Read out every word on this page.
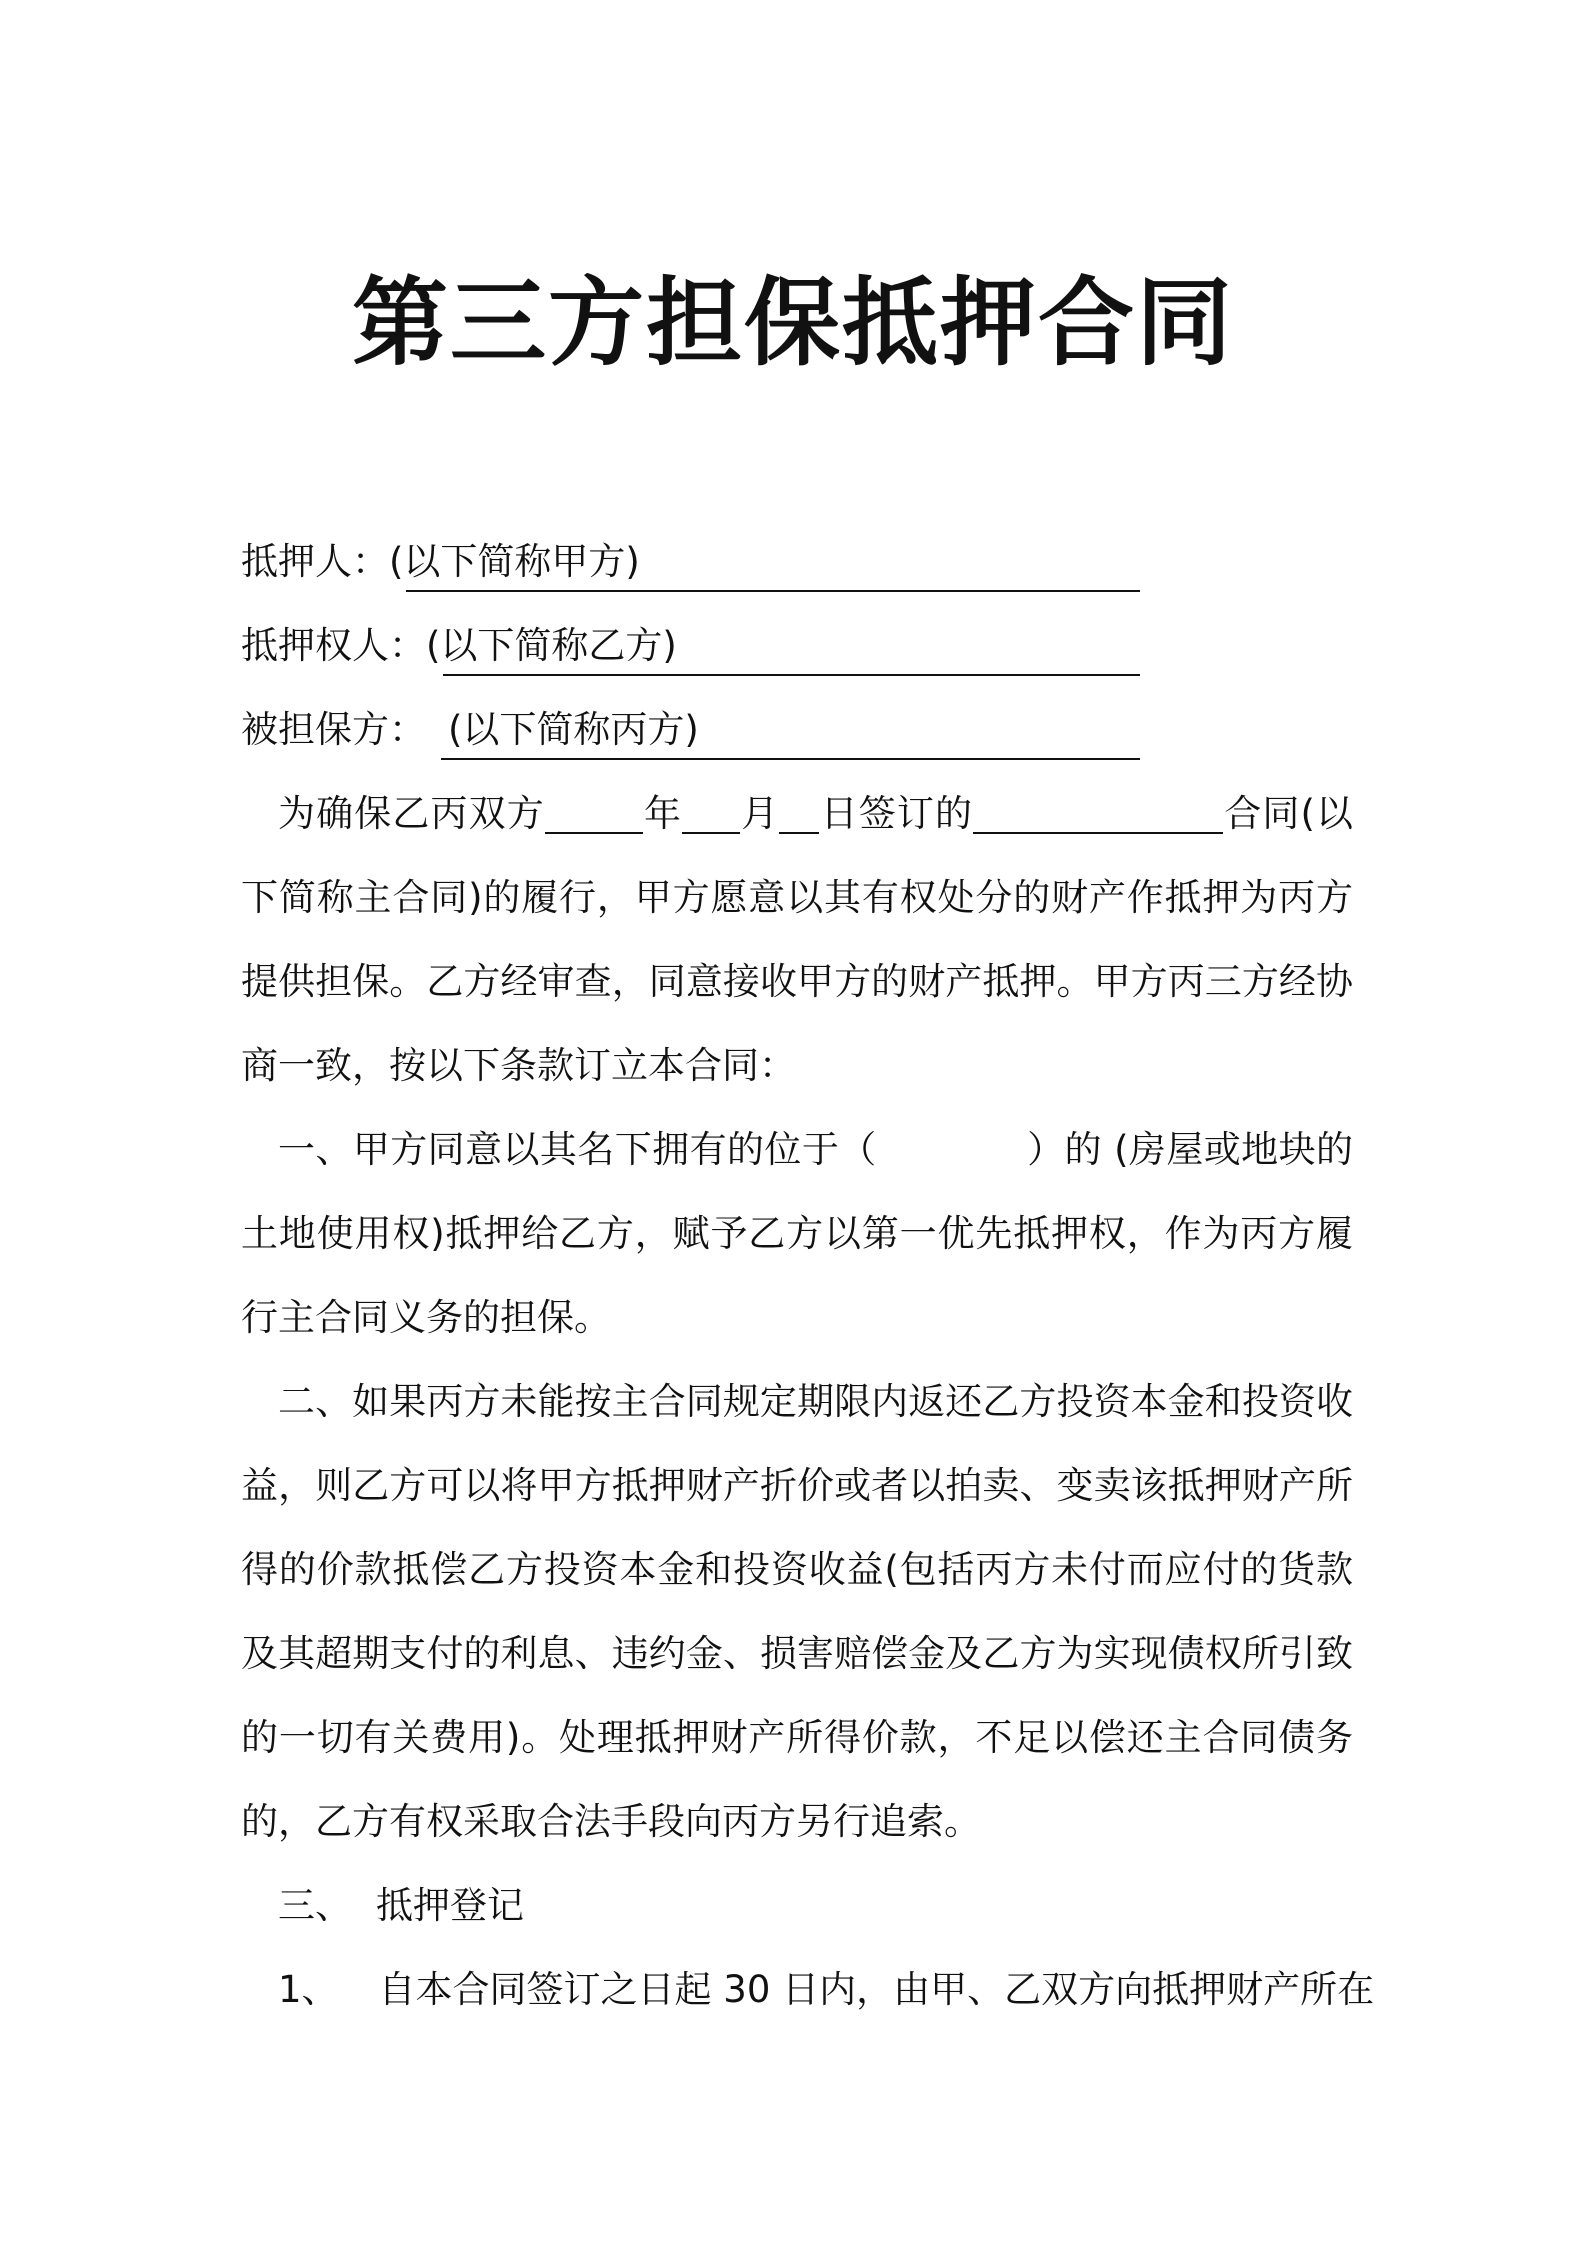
第三方担保抵押合同
抵押人：(以下简称甲方)
抵押权人：(以下简称乙方)
被担保方： (以下简称丙方)

为确保乙丙双方	年 月 日签订的	合同(以下简称主合同)的履行，甲方愿意以其有权处分的财产作抵押为丙方提供担保。乙方经审查，同意接收甲方的财产抵押。甲方丙三方经协商一致，按以下条款订立本合同：

一、甲方同意以其名下拥有的位于（	）的 (房屋或地块的土地使用权)抵押给乙方，赋予乙方以第一优先抵押权，作为丙方履行主合同义务的担保。

二、如果丙方未能按主合同规定期限内返还乙方投资本金和投资收益，则乙方可以将甲方抵押财产折价或者以拍卖、变卖该抵押财产所得的价款抵偿乙方投资本金和投资收益(包括丙方未付而应付的货款及其超期支付的利息、违约金、损害赔偿金及乙方为实现债权所引致的一切有关费用)。处理抵押财产所得价款，不足以偿还主合同债务的，乙方有权采取合法手段向丙方另行追索。

三、 抵押登记

1、 自本合同签订之日起 30 日内，由甲、乙双方向抵押财产所在
